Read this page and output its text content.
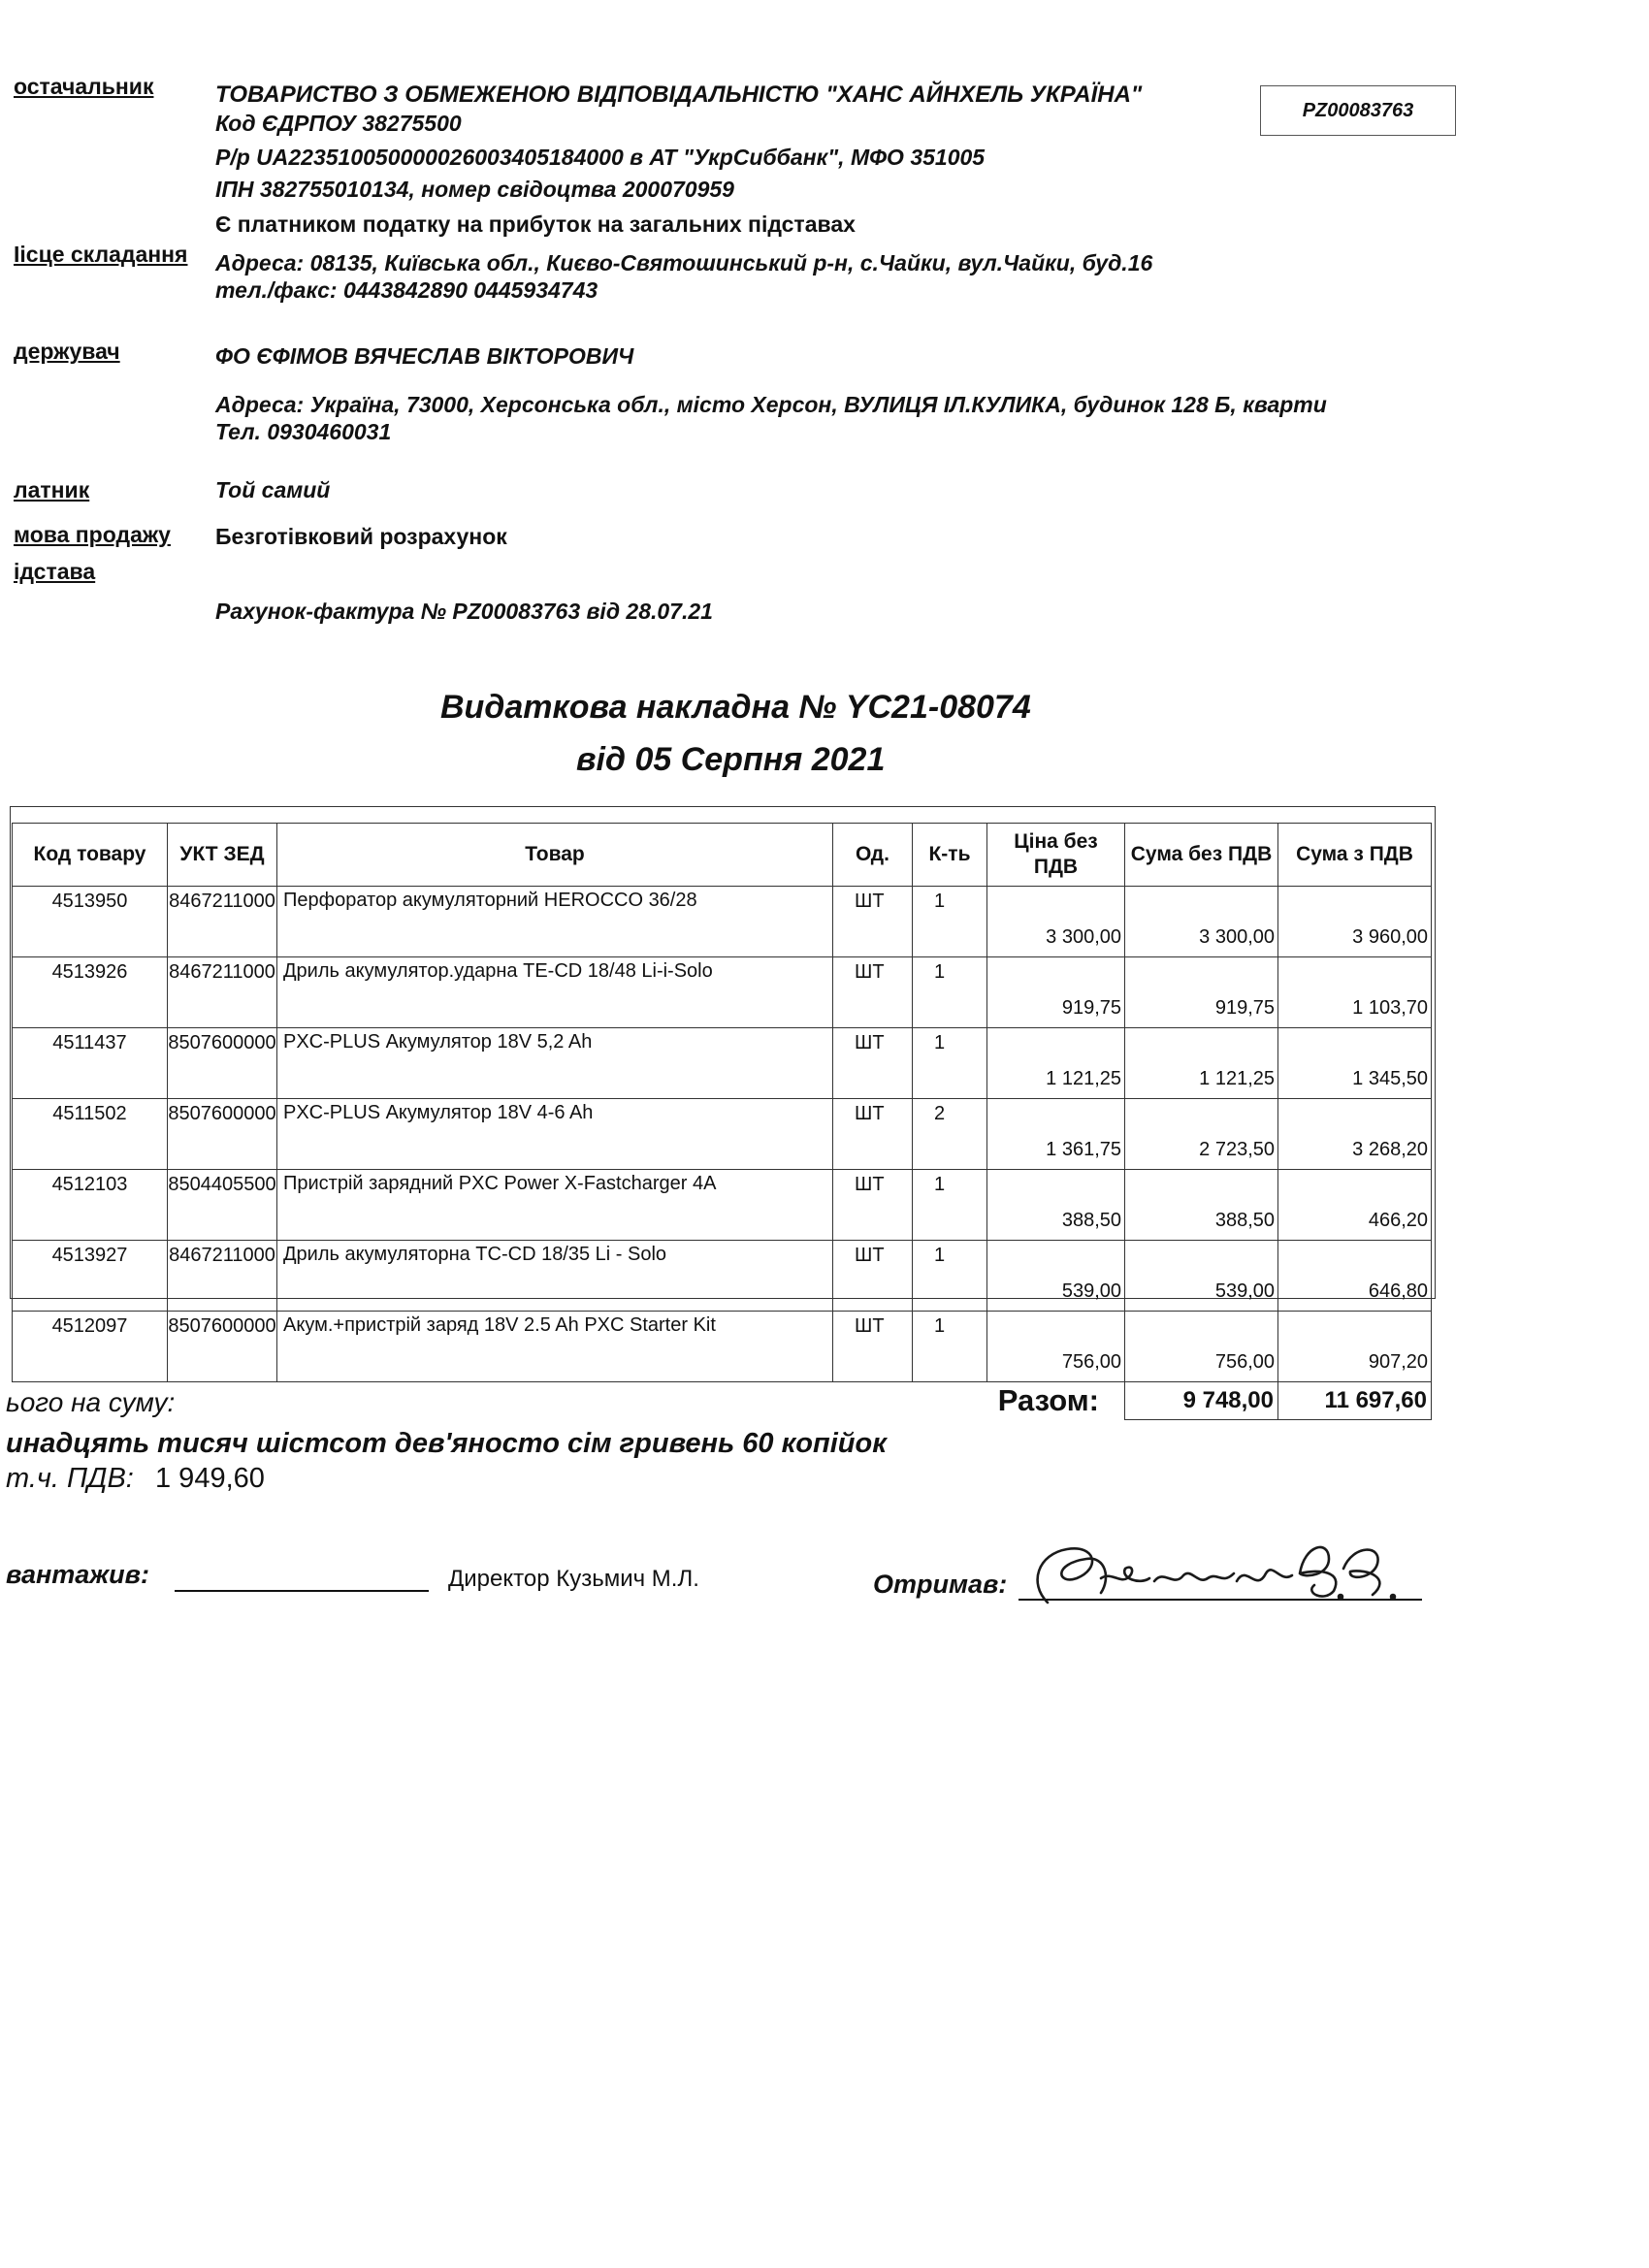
остачальник	ТОВАРИСТВО З ОБМЕЖЕНОЮ ВІДПОВІДАЛЬНІСТЮ "ХАНС АЙНХЕЛЬ УКРАЇНА"
Код ЄДРПОУ 38275500
Р/р UA223510050000026003405184000 в АТ "УкрСиббанк", МФО 351005
ІПН 382755010134, номер свідоцтва 200070959
Є платником податку на прибуток на загальних підставах
PZ00083763
Іісце складання Адреса: 08135, Київська обл., Києво-Святошинський р-н, с.Чайки, вул.Чайки, буд.16
тел./факс: 0443842890 0445934743
держувач	ФО ЄФІМОВ ВЯЧЕСЛАВ ВІКТОРОВИЧ
Адреса: Україна, 73000, Херсонська обл., місто Херсон, ВУЛИЦЯ ІЛ.КУЛИКА, будинок 128 Б, кварти
Тел. 0930460031
латник	Той самий
мова продажу Безготівковий розрахунок
ідстава
Рахунок-фактура № PZ00083763 від 28.07.21
Видаткова накладна № YC21-08074
від 05 Серпня 2021
Код товару	УКТ ЗЕД	Товар	Од.	К-ть	Ціна без ПДВ	Сума без ПДВ	Сума з ПДВ
4513950	8467211000	Перфоратор акумуляторний HEROCCO 36/28	ШТ	1	3 300,00	3 300,00	3 960,00
4513926	8467211000	Дриль акумулятор.ударна TE-CD 18/48 Li-i-Solo	ШТ	1	919,75	919,75	1 103,70
4511437	8507600000	PXC-PLUS Акумулятор 18V 5,2 Ah	ШТ	1	1 121,25	1 121,25	1 345,50
4511502	8507600000	PXC-PLUS Акумулятор 18V 4-6 Ah	ШТ	2	1 361,75	2 723,50	3 268,20
4512103	8504405500	Пристрій зарядний PXC Power X-Fastcharger 4A	ШТ	1	388,50	388,50	466,20
4513927	8467211000	Дриль акумуляторна TC-CD 18/35 Li - Solo	ШТ	1	539,00	539,00	646,80
4512097	8507600000	Акум.+пристрій заряд 18V 2.5 Ah PXC Starter Kit	ШТ	1	756,00	756,00	907,20
Разом:						9 748,00	11 697,60
ього на суму:
инадцять тисяч шістсот дев'яносто сім гривень 60 копійок
т.ч. ПДВ: 1 949,60
вантажив:	Директор Кузьмич М.Л.	Отримав:
